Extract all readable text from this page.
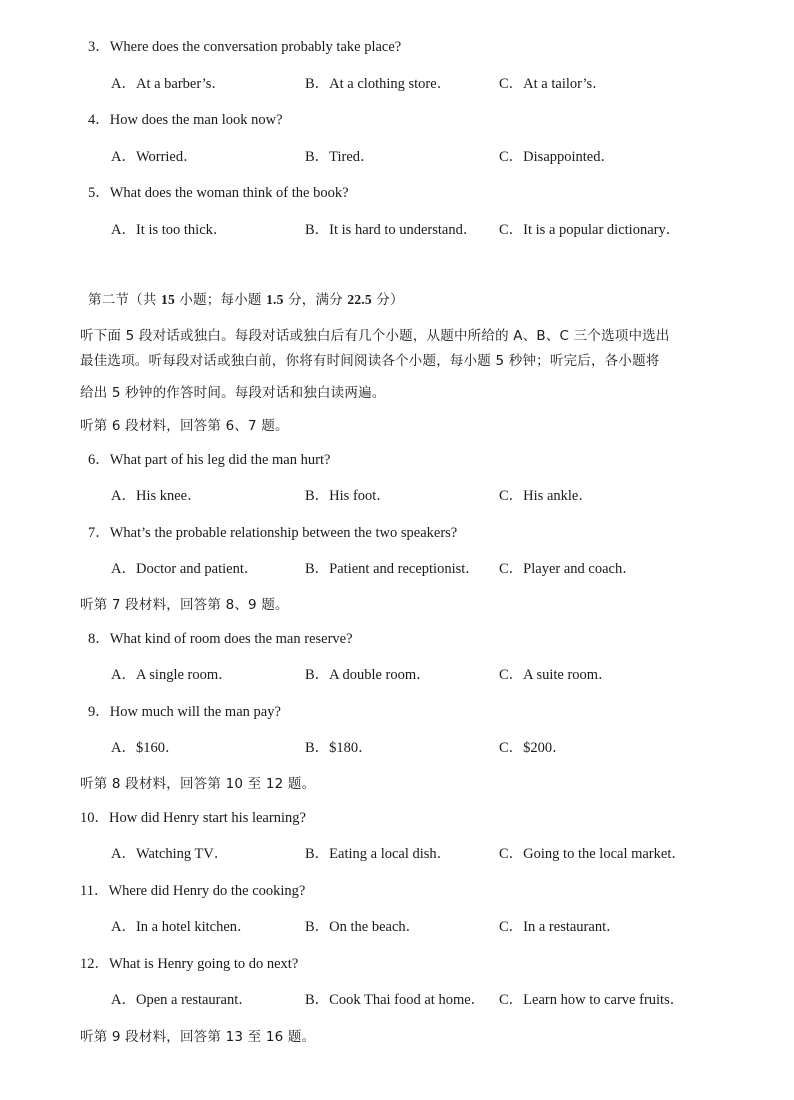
3．Where does the conversation probably take place?
A．At a barber’s．	B．At a clothing store．	C．At a tailor’s．
4．How does the man look now?
A．Worried．	B．Tired．	C．Disappointed．
5．What does the woman think of the book?
A．It is too thick．	B．It is hard to understand． C．It is a popular dictionary．
第二节（共 15 小题；每小题 1.5 分，满分 22.5 分）
听下面 5 段对话或独白。每段对话或独白后有几个小题，从题中所给的 A、B、C 三个选项中选出
最佳选项。听每段对话或独白前，你将有时间阅读各个小题，每小题 5 秒钟；听完后，各小题将
给出 5 秒钟的作答时间。每段对话和独白读两遍。
听第 6 段材料，回答第 6、7 题。
6．What part of his leg did the man hurt?
A．His knee．	B．His foot．	C．His ankle．
7．What’s the probable relationship between the two speakers?
A．Doctor and patient．	B．Patient and receptionist． C．Player and coach．
听第 7 段材料，回答第 8、9 题。
8．What kind of room does the man reserve?
A．A single room．	B．A double room．	C．A suite room．
9．How much will the man pay?
A．$160．	B．$180．	C．$200．
听第 8 段材料，回答第 10 至 12 题。
10．How did Henry start his learning?
A．Watching TV．	B．Eating a local dish．	C．Going to the local market．
11．Where did Henry do the cooking?
A．In a hotel kitchen．	B．On the beach．	C．In a restaurant．
12．What is Henry going to do next?
A．Open a restaurant．	B．Cook Thai food at home． C．Learn how to carve fruits．
听第 9 段材料，回答第 13 至 16 题。
